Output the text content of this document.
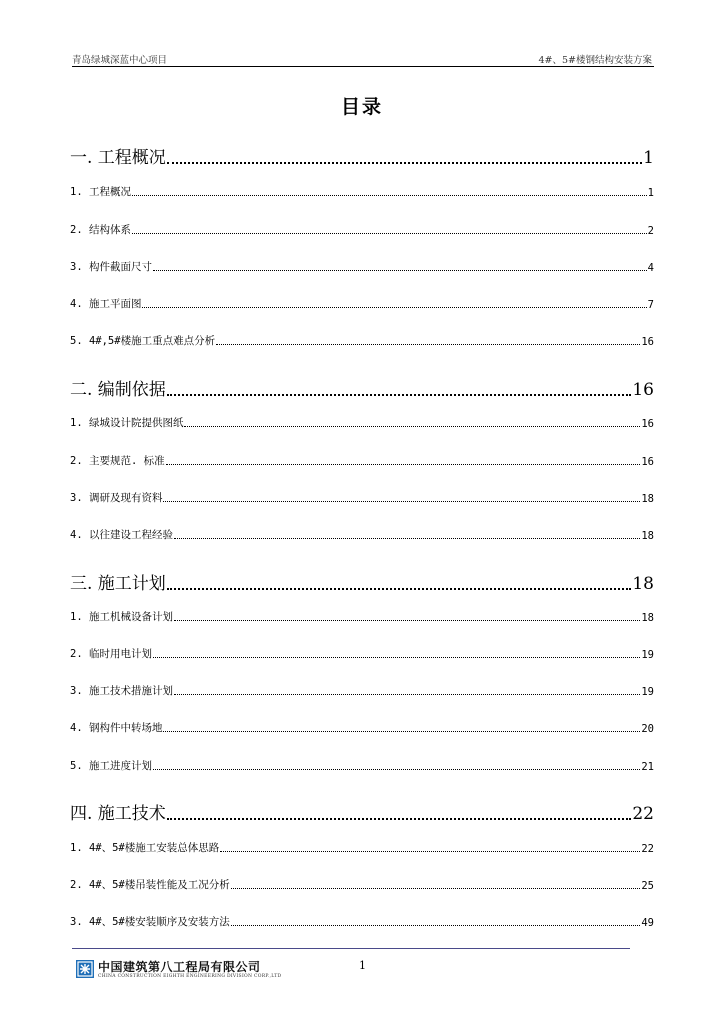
青岛绿城深蓝中心项目	4#、5#楼钢结构安装方案
目录
一. 工程概况	1
1. 工程概况	1
2. 结构体系	2
3. 构件截面尺寸	4
4. 施工平面图	7
5. 4#,5#楼施工重点难点分析	16
二. 编制依据	16
1. 绿城设计院提供图纸	16
2. 主要规范. 标准	16
3. 调研及现有资料	18
4. 以往建设工程经验	18
三. 施工计划	18
1. 施工机械设备计划	18
2. 临时用电计划	19
3. 施工技术措施计划	19
4. 钢构件中转场地	20
5. 施工进度计划	21
四. 施工技术	22
1. 4#、5#楼施工安装总体思路	22
2. 4#、5#楼吊装性能及工况分析	25
3. 4#、5#楼安装顺序及安装方法	49
中国建筑第八工程局有限公司
CHINA CONSTRUCTION EIGHTH ENGINEERING DIVISION CORP.,LTD
1
